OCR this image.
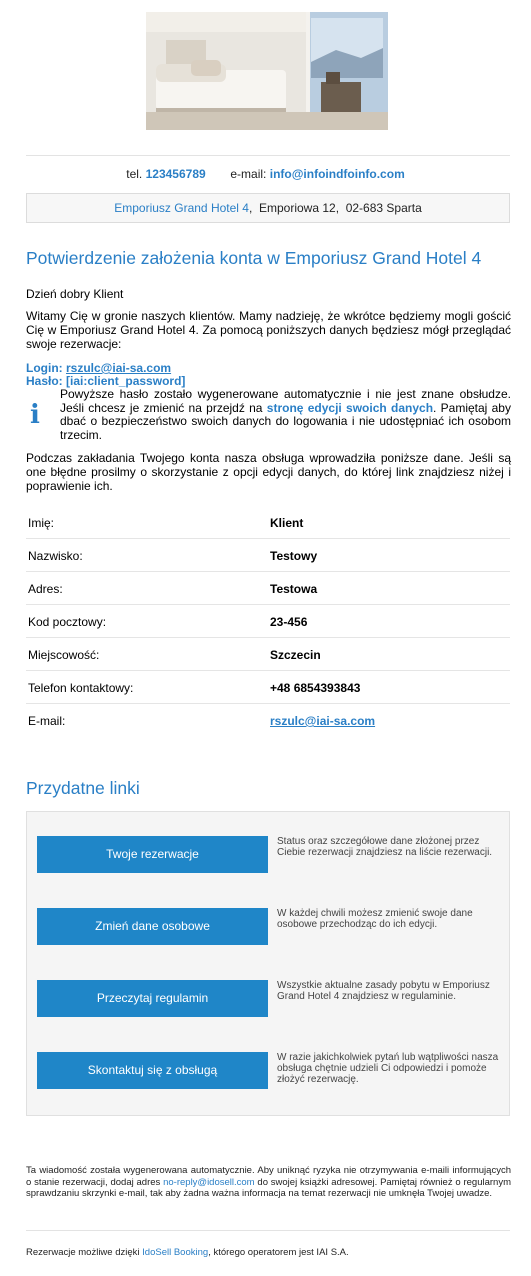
tel. 123456789 e-mail: info@infoindfoinfo.com
Emporiusz Grand Hotel 4,  Emporiowa 12, 02-683 Sparta
Potwierdzenie założenia konta w Emporiusz Grand Hotel 4
Dzień dobry Klient
Witamy Cię w gronie naszych klientów. Mamy nadzieję, że wkrótce będziemy mogli gościć Cię w Emporiusz Grand Hotel 4. Za pomocą poniższych danych będziesz mógł przeglądać swoje rezerwacje:
Login: rszulc@iai-sa.com
Hasło: [iai:client_password]
i
Powyższe hasło zostało wygenerowane automatycznie i nie jest znane obsłudze. Jeśli chcesz je zmienić na przejdź na stronę edycji swoich danych. Pamiętaj aby dbać o bezpieczeństwo swoich danych do logowania i nie udostępniać ich osobom trzecim.
Podczas zakładania Twojego konta nasza obsługa wprowadziła poniższe dane. Jeśli są one błędne prosilmy o skorzystanie z opcji edycji danych, do której link znajdziesz niżej i poprawienie ich.
Imię:	Klient
Nazwisko:	Testowy
Adres:	Testowa
Kod pocztowy:	23-456
Miejscowość:	Szczecin
Telefon kontaktowy:	+48 6854393843
E-mail:	rszulc@iai-sa.com
Przydatne linki
Twoje rezerwacje
Status oraz szczegółowe dane złożonej przez Ciebie rezerwacji znajdziesz na liście rezerwacji.
Zmień dane osobowe
W każdej chwili możesz zmienić swoje dane osobowe przechodząc do ich edycji.
Przeczytaj regulamin
Wszystkie aktualne zasady pobytu w Emporiusz Grand Hotel 4 znajdziesz w regulaminie.
Skontaktuj się z obsługą
W razie jakichkolwiek pytań lub wątpliwości nasza obsługa chętnie udzieli Ci odpowiedzi i pomoże złożyć rezerwację.
Ta wiadomość została wygenerowana automatycznie. Aby uniknąć ryzyka nie otrzymywania e-maili informujących o stanie rezerwacji, dodaj adres no-reply@idosell.com do swojej książki adresowej. Pamiętaj również o regularnym sprawdzaniu skrzynki e-mail, tak aby żadna ważna informacja na temat rezerwacji nie umknęła Twojej uwadze.
Rezerwacje możliwe dzięki IdoSell Booking, którego operatorem jest IAI S.A.
